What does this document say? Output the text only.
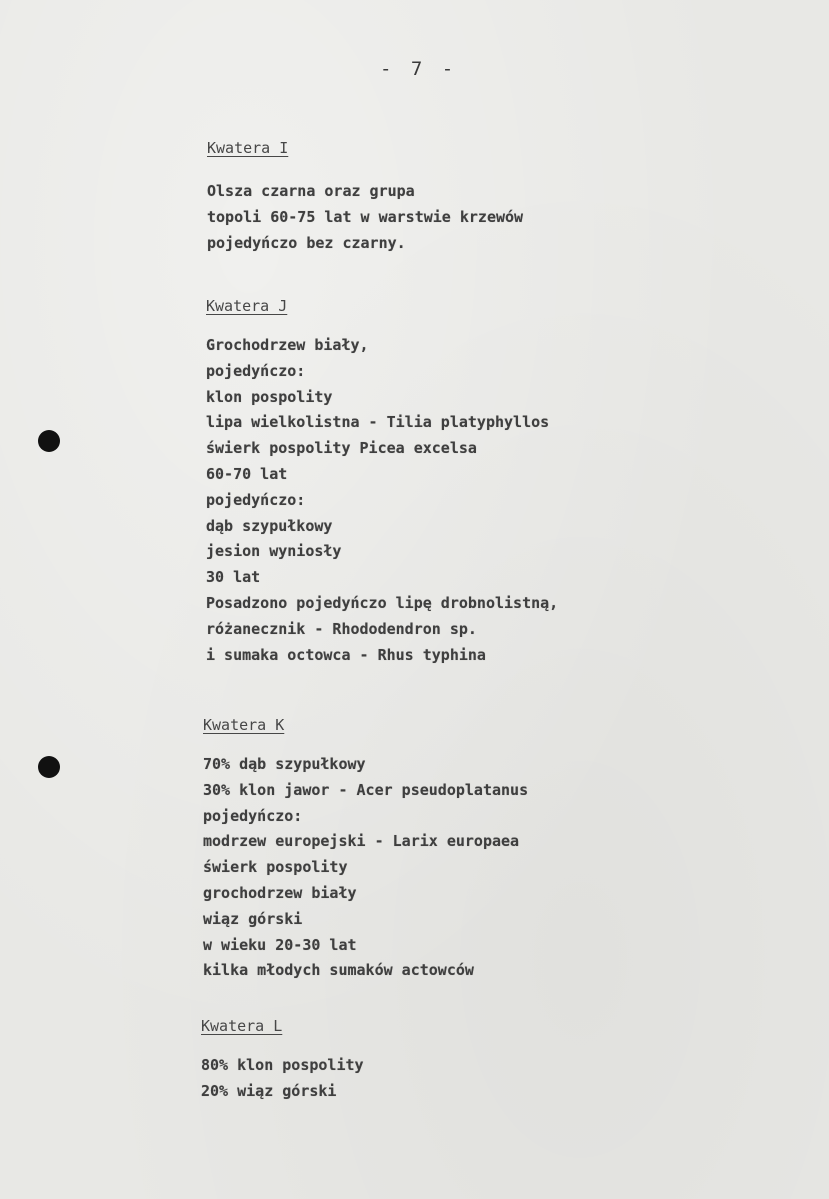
- 7 -
Kwatera I
Olsza czarna oraz grupa
topoli 60-75 lat w warstwie krzewów
pojedyńczo bez czarny.
Kwatera J
Grochodrzew biały,
pojedyńczo:
klon pospolity
lipa wielkolistna - Tilia platyphyllos
świerk pospolity Picea excelsa
60-70 lat
pojedyńczo:
dąb szypułkowy
jesion wyniosły
30 lat
Posadzono pojedyńczo lipę drobnolistną,
różanecznik - Rhododendron sp.
i sumaka octowca - Rhus typhina
Kwatera K
70% dąb szypułkowy
30% klon jawor - Acer pseudoplatanus
pojedyńczo:
modrzew europejski - Larix europaea
świerk pospolity
grochodrzew biały
wiąz górski
w wieku 20-30 lat
kilka młodych sumaków actowców
Kwatera L
80% klon pospolity
20% wiąz górski
